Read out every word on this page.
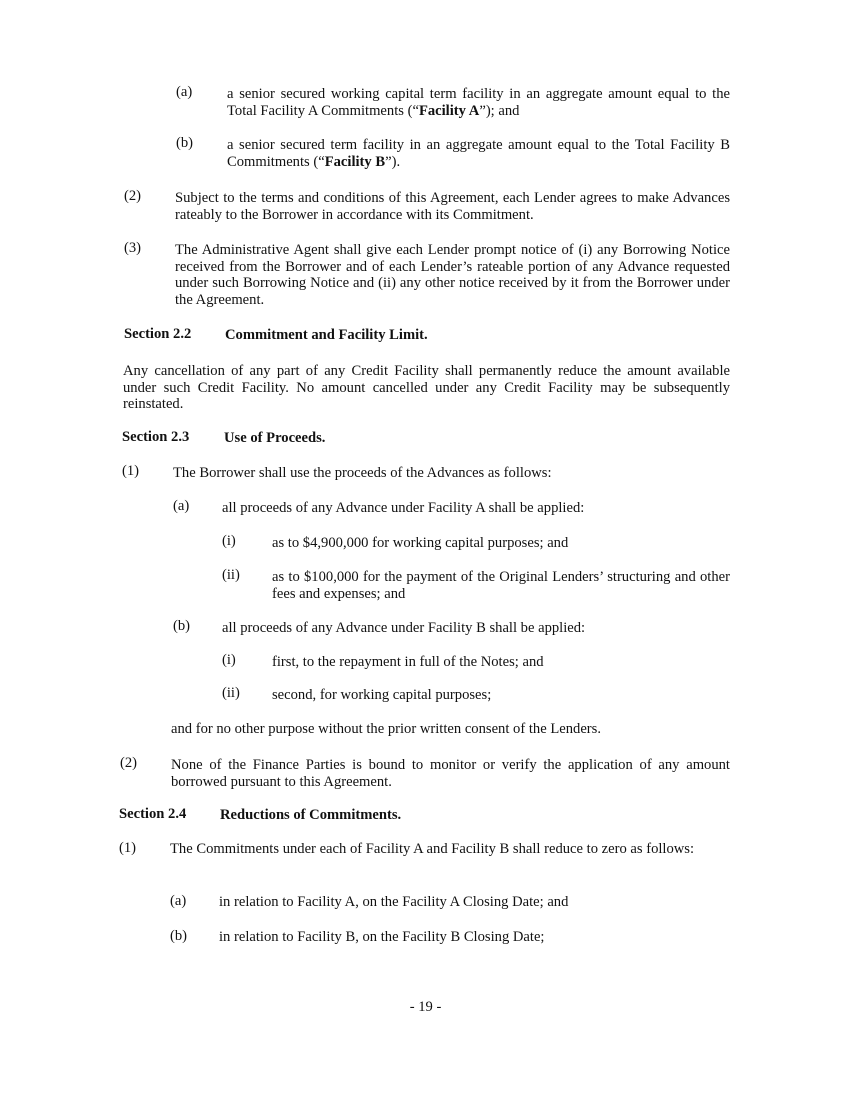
(a) a senior secured working capital term facility in an aggregate amount equal to the Total Facility A Commitments (“Facility A”); and
(b) a senior secured term facility in an aggregate amount equal to the Total Facility B Commitments (“Facility B”).
(2) Subject to the terms and conditions of this Agreement, each Lender agrees to make Advances rateably to the Borrower in accordance with its Commitment.
(3) The Administrative Agent shall give each Lender prompt notice of (i) any Borrowing Notice received from the Borrower and of each Lender’s rateable portion of any Advance requested under such Borrowing Notice and (ii) any other notice received by it from the Borrower under the Agreement.
Section 2.2 Commitment and Facility Limit.
Any cancellation of any part of any Credit Facility shall permanently reduce the amount available under such Credit Facility. No amount cancelled under any Credit Facility may be subsequently reinstated.
Section 2.3 Use of Proceeds.
(1) The Borrower shall use the proceeds of the Advances as follows:
(a) all proceeds of any Advance under Facility A shall be applied:
(i) as to $4,900,000 for working capital purposes; and
(ii) as to $100,000 for the payment of the Original Lenders’ structuring and other fees and expenses; and
(b) all proceeds of any Advance under Facility B shall be applied:
(i) first, to the repayment in full of the Notes; and
(ii) second, for working capital purposes;
and for no other purpose without the prior written consent of the Lenders.
(2) None of the Finance Parties is bound to monitor or verify the application of any amount borrowed pursuant to this Agreement.
Section 2.4 Reductions of Commitments.
(1) The Commitments under each of Facility A and Facility B shall reduce to zero as follows:
(a) in relation to Facility A, on the Facility A Closing Date; and
(b) in relation to Facility B, on the Facility B Closing Date;
- 19 -
